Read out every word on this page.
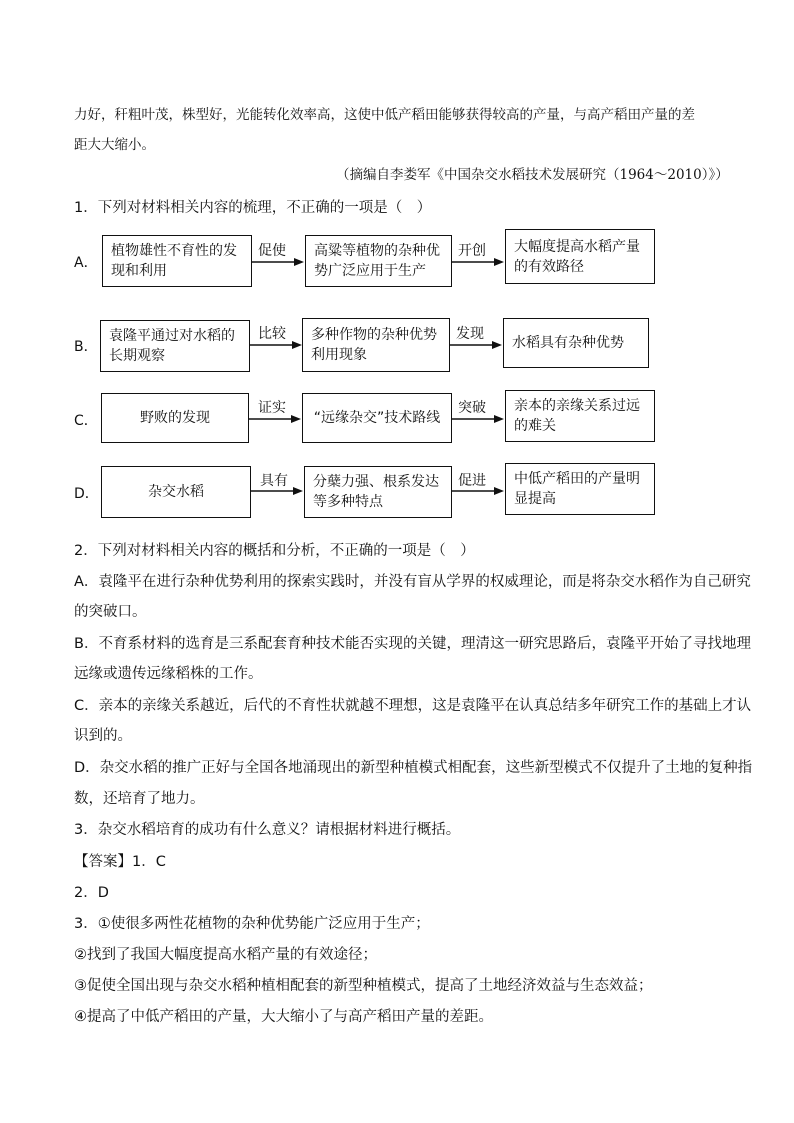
力好，秆粗叶茂，株型好，光能转化效率高，这使中低产稻田能够获得较高的产量，与高产稻田产量的差
距大大缩小。
（摘编自李娄军《中国杂交水稻技术发展研究（1964～2010）》）
1．下列对材料相关内容的梳理，不正确的一项是（　）
A．
植物雄性不育性的发现和利用
促使 高粱等植物的杂种优势广泛应用于生产
开创 大幅度提高水稻产量的有效路径
B．
袁隆平通过对水稻的长期观察
比较 多种作物的杂种优势利用现象
发现
水稻具有杂种优势
C．	野败的发现
证实
“远缘杂交”技术路线
突破 亲本的亲缘关系过远的难关
D．	杂交水稻
具有 分蘖力强、根系发达等多种特点
促进 中低产稻田的产量明显提高
2．下列对材料相关内容的概括和分析，不正确的一项是（　）
A．袁隆平在进行杂种优势利用的探索实践时，并没有盲从学界的权威理论，而是将杂交水稻作为自己研究
的突破口。
B．不育系材料的选育是三系配套育种技术能否实现的关键，理清这一研究思路后，袁隆平开始了寻找地理
远缘或遗传远缘稻株的工作。
C．亲本的亲缘关系越近，后代的不育性状就越不理想，这是袁隆平在认真总结多年研究工作的基础上才认
识到的。
D．杂交水稻的推广正好与全国各地涌现出的新型种植模式相配套，这些新型模式不仅提升了土地的复种指
数，还培育了地力。
3．杂交水稻培育的成功有什么意义？请根据材料进行概括。
【答案】1．C
2．D
3．①使很多两性花植物的杂种优势能广泛应用于生产；
②找到了我国大幅度提高水稻产量的有效途径；
③促使全国出现与杂交水稻种植相配套的新型种植模式，提高了土地经济效益与生态效益；
④提高了中低产稻田的产量，大大缩小了与高产稻田产量的差距。
